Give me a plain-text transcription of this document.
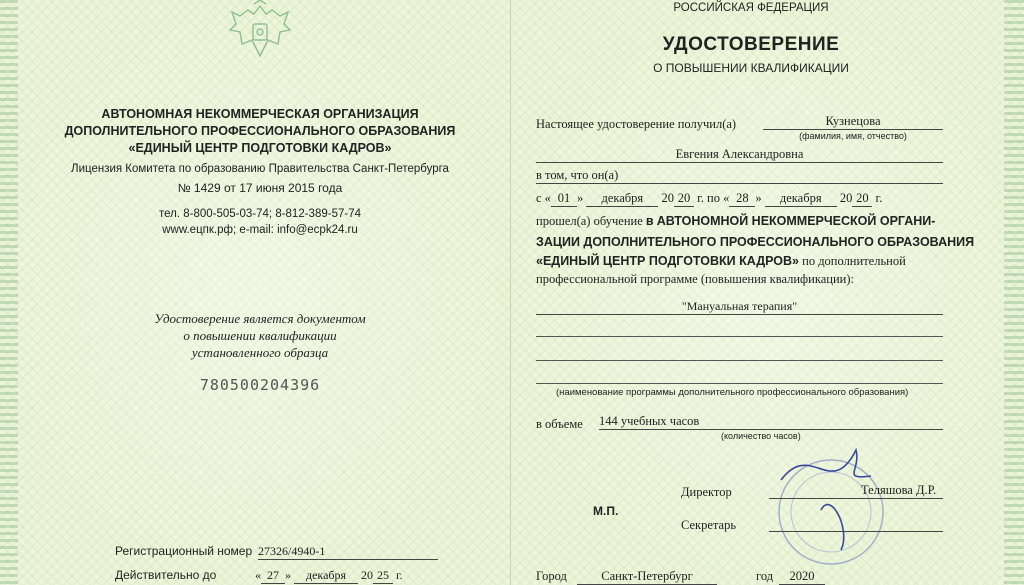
АВТОНОМНАЯ НЕКОММЕРЧЕСКАЯ ОРГАНИЗАЦИЯ
ДОПОЛНИТЕЛЬНОГО ПРОФЕССИОНАЛЬНОГО ОБРАЗОВАНИЯ
«ЕДИНЫЙ ЦЕНТР ПОДГОТОВКИ КАДРОВ»
Лицензия Комитета по образованию Правительства Санкт-Петербурга
№ 1429 от 17 июня 2015 года
тел. 8-800-505-03-74; 8-812-389-57-74
www.ецпк.рф; e-mail: info@ecpk24.ru
Удостоверение является документом
о повышении квалификации
установленного образца
780500204396
Регистрационный номер 27326/4940-1
Действительно до	« 27 » декабря 20 25 г.
РОССИЙСКАЯ ФЕДЕРАЦИЯ
УДОСТОВЕРЕНИЕ
О ПОВЫШЕНИИ КВАЛИФИКАЦИИ
Настоящее удостоверение получил(а)	Кузнецова
(фамилия, имя, отчество)
Евгения Александровна
в том, что он(а)
с « 01 » декабря 20 20 г. по « 28 » декабря 20 20 г.
прошел(а) обучение в АВТОНОМНОЙ НЕКОММЕРЧЕСКОЙ ОРГАНИ-
ЗАЦИИ ДОПОЛНИТЕЛЬНОГО ПРОФЕССИОНАЛЬНОГО ОБРАЗОВАНИЯ
«ЕДИНЫЙ ЦЕНТР ПОДГОТОВКИ КАДРОВ» по дополнительной
профессиональной программе (повышения квалификации):
"Мануальная терапия"
(наименование программы дополнительного профессионального образования)
в объеме 144 учебных часов
(количество часов)
М.П.
Директор	Теляшова Д.Р.
Секретарь
Город	Санкт-Петербург	год	2020
